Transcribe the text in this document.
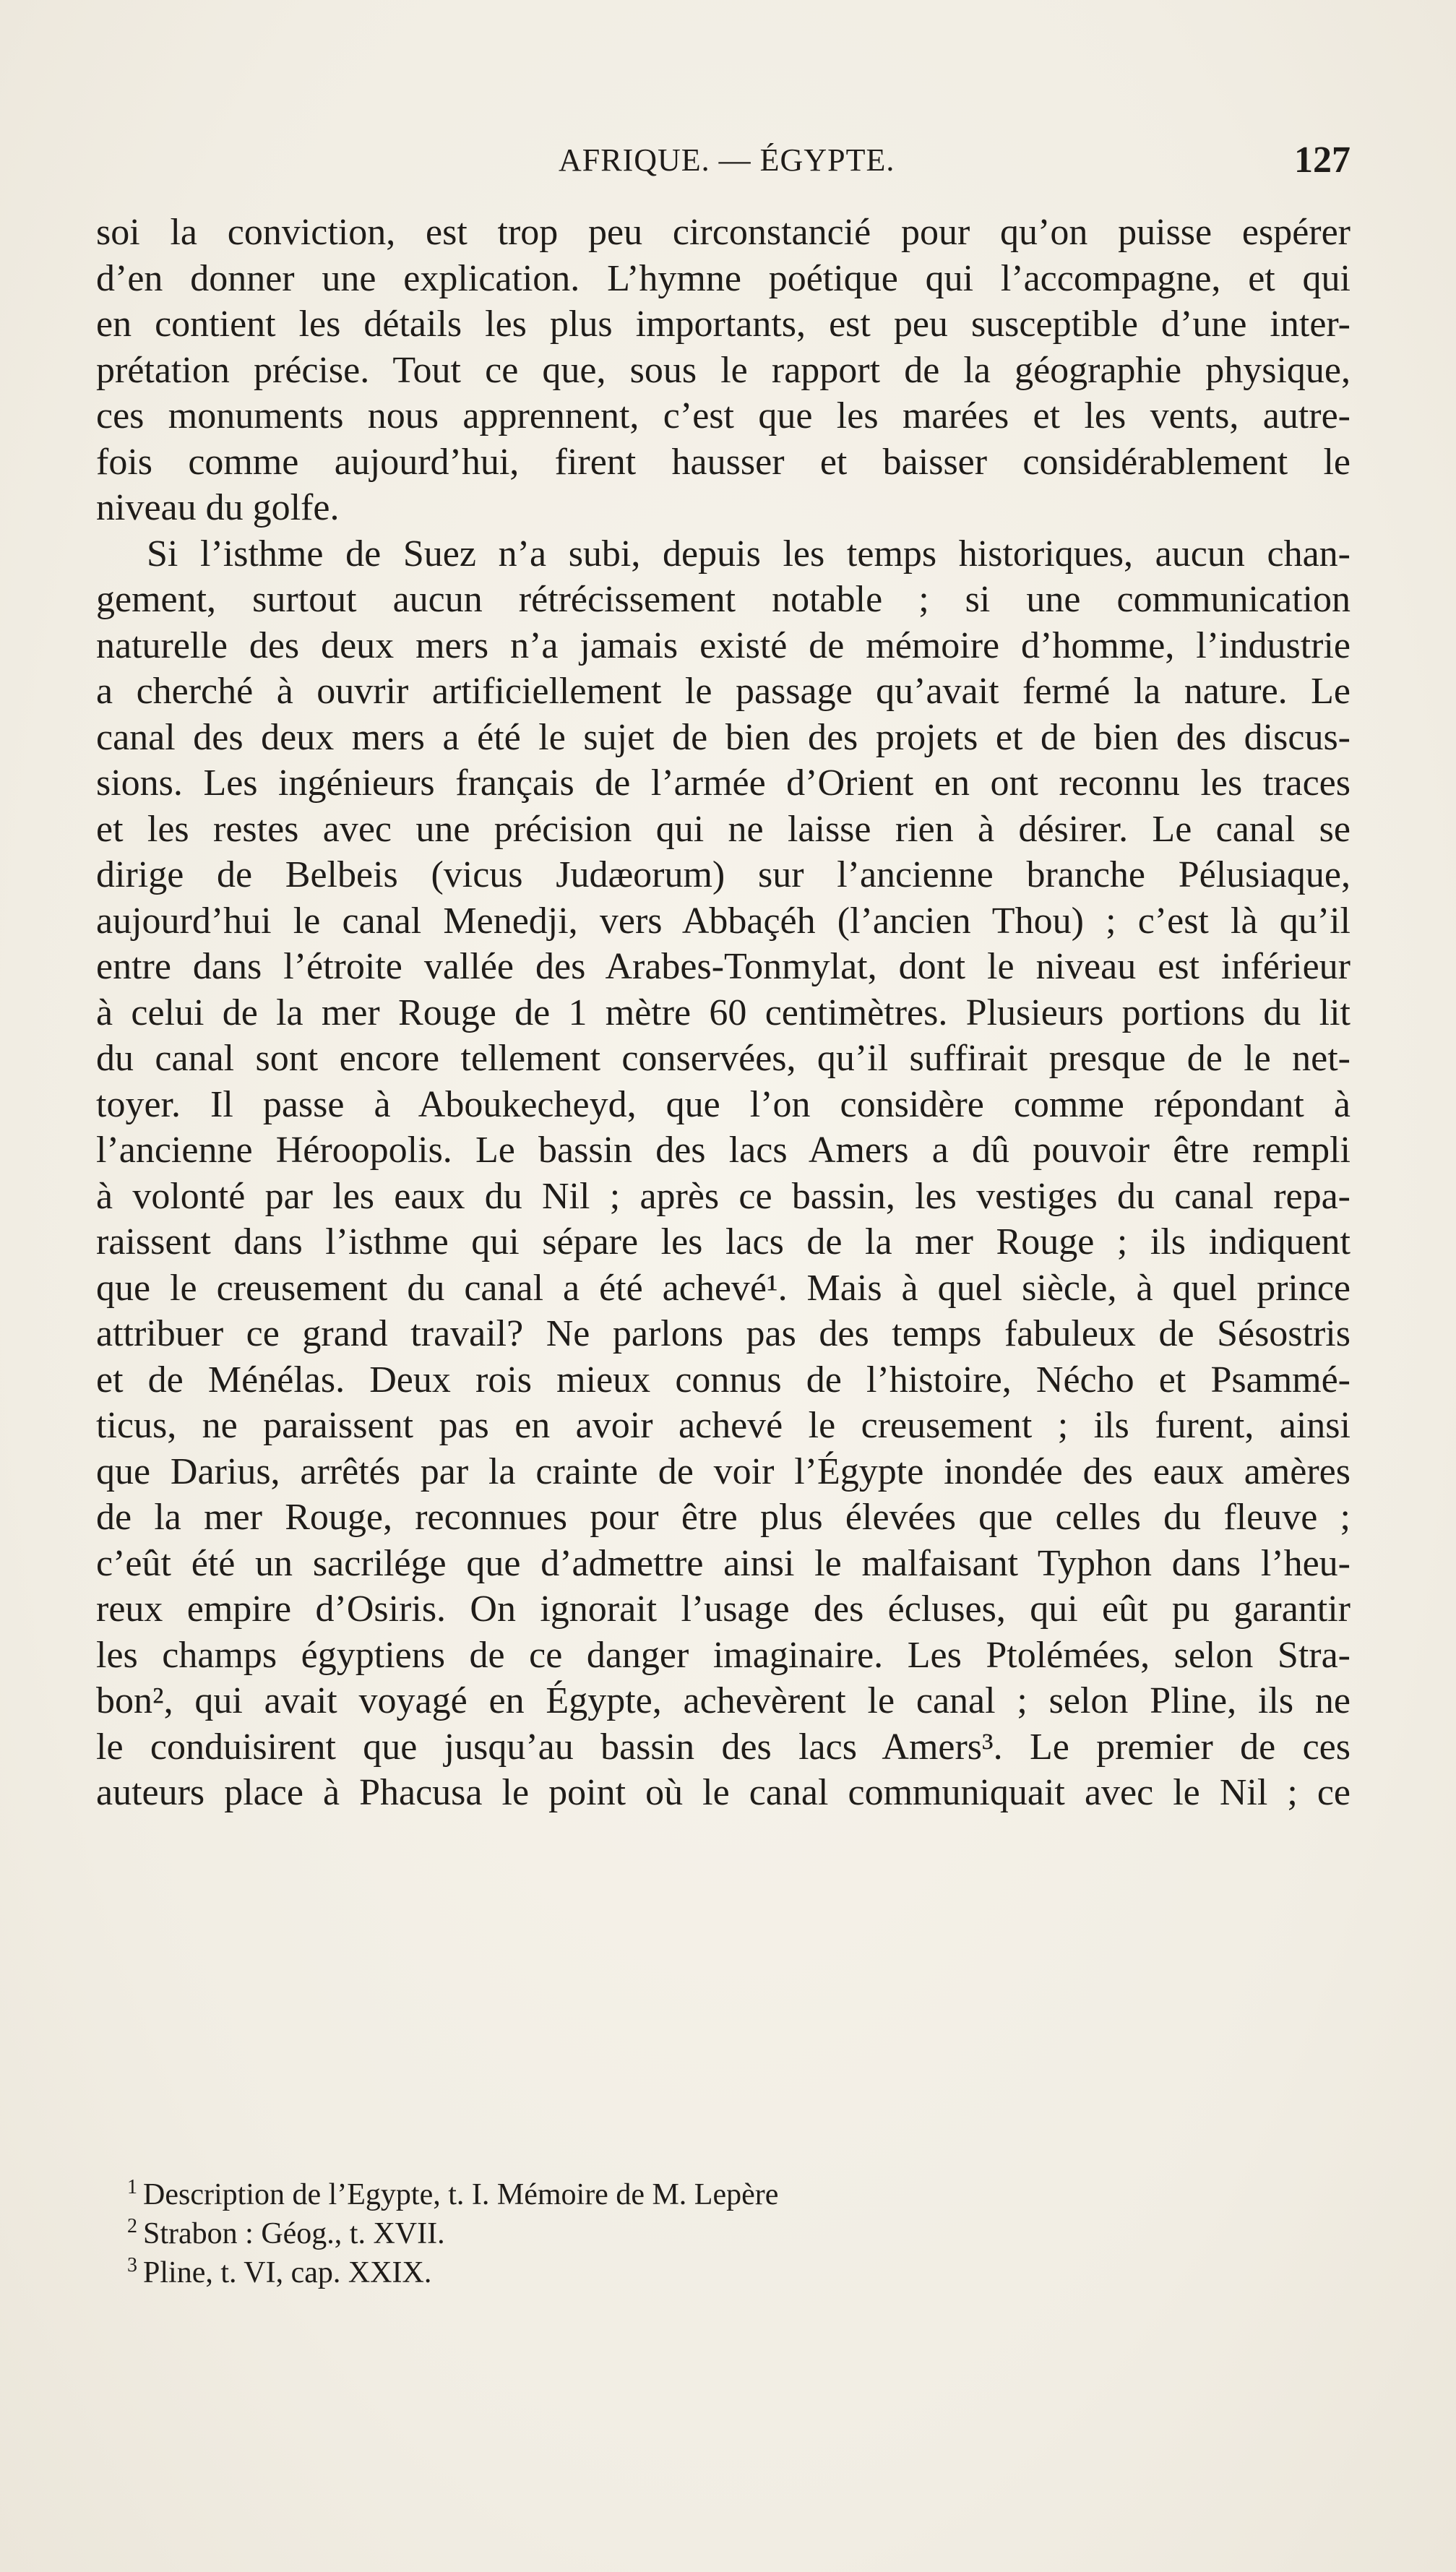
AFRIQUE. — ÉGYPTE.	127

soi la conviction, est trop peu circonstancié pour qu’on puisse espérer
d’en donner une explication. L’hymne poétique qui l’accompagne, et qui
en contient les détails les plus importants, est peu susceptible d’une inter-
prétation précise. Tout ce que, sous le rapport de la géographie physique,
ces monuments nous apprennent, c’est que les marées et les vents, autre-
fois comme aujourd’hui, firent hausser et baisser considérablement le
niveau du golfe.

Si l’isthme de Suez n’a subi, depuis les temps historiques, aucun chan-
gement, surtout aucun rétrécissement notable ; si une communication
naturelle des deux mers n’a jamais existé de mémoire d’homme, l’industrie
a cherché à ouvrir artificiellement le passage qu’avait fermé la nature. Le
canal des deux mers a été le sujet de bien des projets et de bien des discus-
sions. Les ingénieurs français de l’armée d’Orient en ont reconnu les traces
et les restes avec une précision qui ne laisse rien à désirer. Le canal se
dirige de Belbeis (vicus Judæorum) sur l’ancienne branche Pélusiaque,
aujourd’hui le canal Menedji, vers Abbaçéh (l’ancien Thou) ; c’est là qu’il
entre dans l’étroite vallée des Arabes-Tonmylat, dont le niveau est inférieur
à celui de la mer Rouge de 1 mètre 60 centimètres. Plusieurs portions du lit
du canal sont encore tellement conservées, qu’il suffirait presque de le net-
toyer. Il passe à Aboukecheyd, que l’on considère comme répondant à
l’ancienne Héroopolis. Le bassin des lacs Amers a dû pouvoir être rempli
à volonté par les eaux du Nil ; après ce bassin, les vestiges du canal repa-
raissent dans l’isthme qui sépare les lacs de la mer Rouge ; ils indiquent
que le creusement du canal a été achevé¹. Mais à quel siècle, à quel prince
attribuer ce grand travail? Ne parlons pas des temps fabuleux de Sésostris
et de Ménélas. Deux rois mieux connus de l’histoire, Nécho et Psammé-
ticus, ne paraissent pas en avoir achevé le creusement ; ils furent, ainsi
que Darius, arrêtés par la crainte de voir l’Égypte inondée des eaux amères
de la mer Rouge, reconnues pour être plus élevées que celles du fleuve ;
c’eût été un sacrilége que d’admettre ainsi le malfaisant Typhon dans l’heu-
reux empire d’Osiris. On ignorait l’usage des écluses, qui eût pu garantir
les champs égyptiens de ce danger imaginaire. Les Ptolémées, selon Stra-
bon², qui avait voyagé en Égypte, achevèrent le canal ; selon Pline, ils ne
le conduisirent que jusqu’au bassin des lacs Amers³. Le premier de ces
auteurs place à Phacusa le point où le canal communiquait avec le Nil ; ce

$^1$ Description de l’Egypte, t. I. Mémoire de M. Lepère
$^2$ Strabon : Géog., t. XVII.
$^3$ Pline, t. VI, cap. XXIX.
